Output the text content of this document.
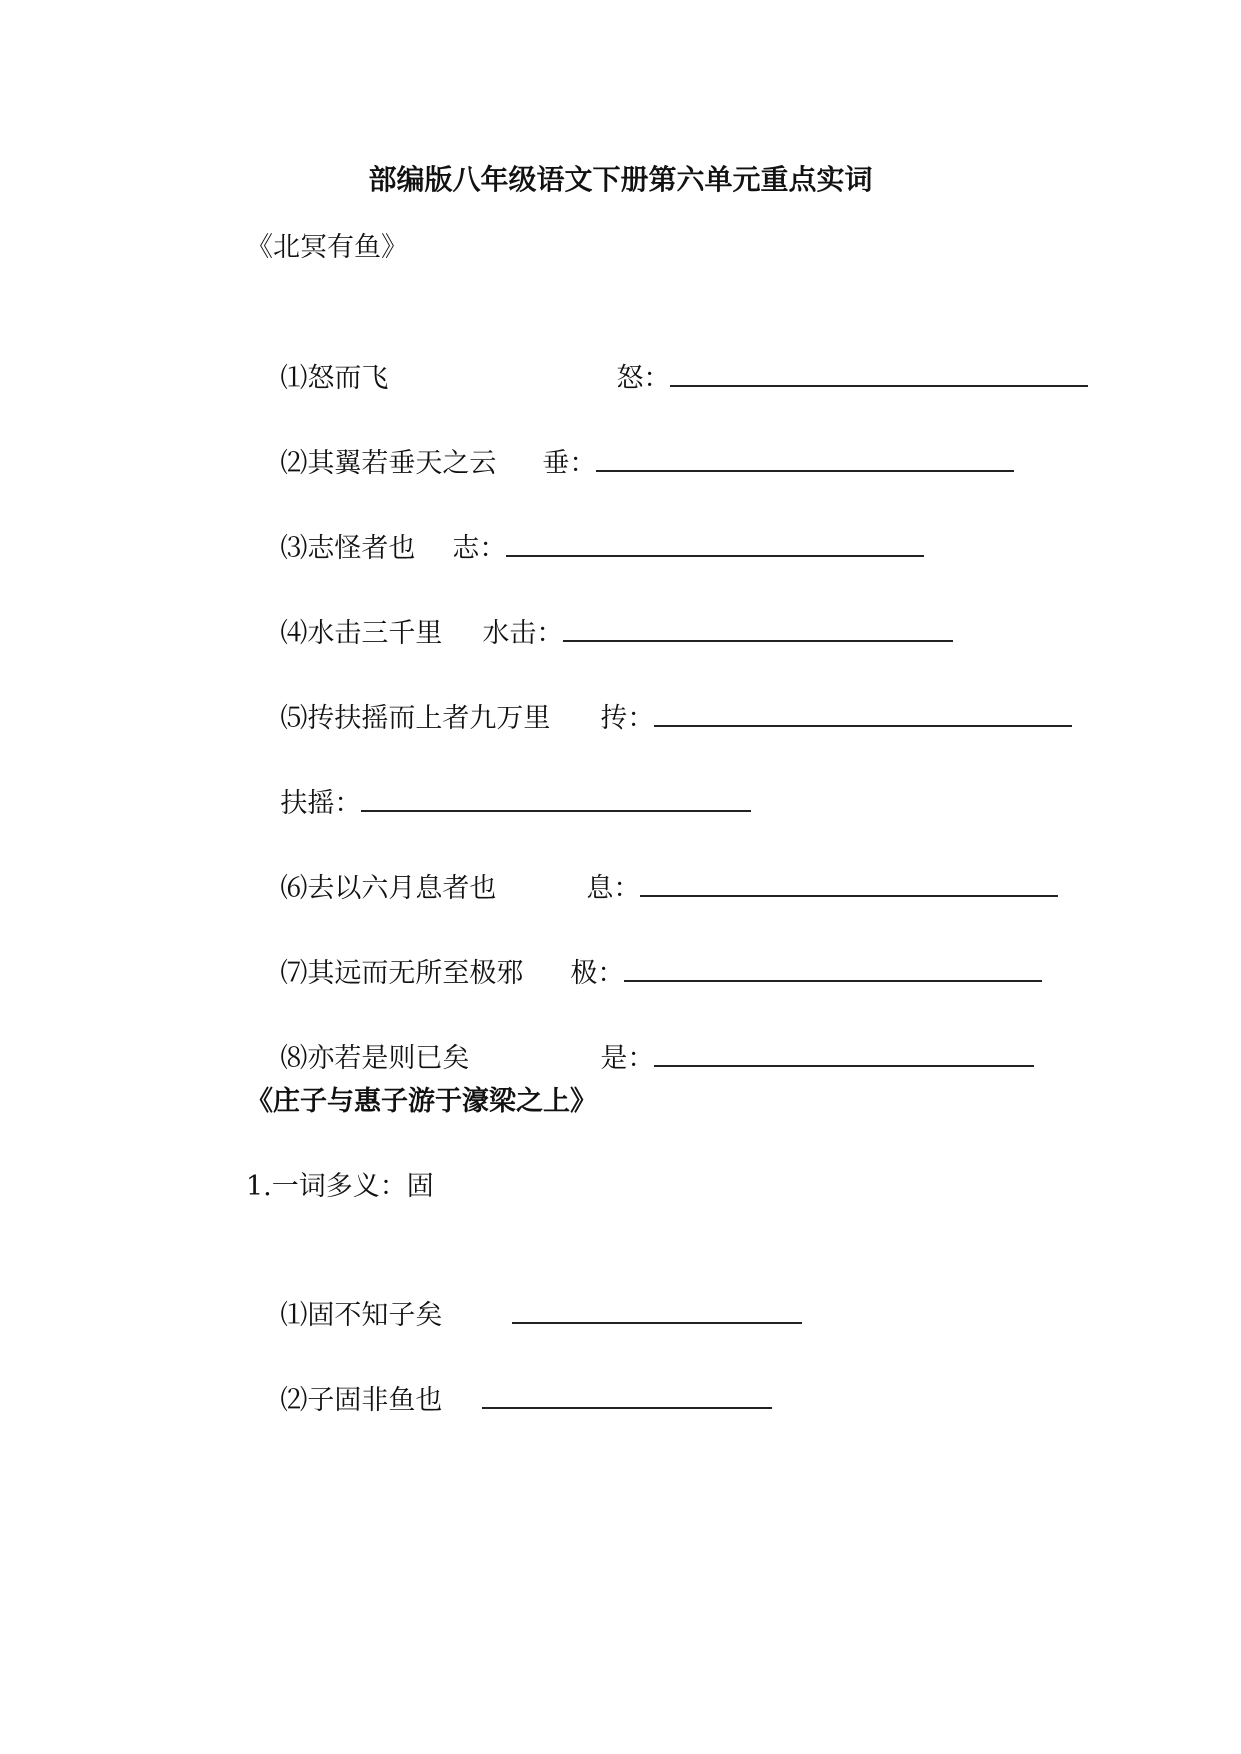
部编版八年级语文下册第六单元重点实词
《北冥有鱼》

⑴怒而飞	怒：

⑵其翼若垂天之云 垂：

⑶志怪者也 志：

⑷水击三千里 水击：

⑸抟扶摇而上者九万里 抟：

扶摇：

⑹去以六月息者也	息：

⑺其远而无所至极邪 极：

⑻亦若是则已矣	是：

《庄子与惠子游于濠梁之上》
1.一词多义：固

⑴固不知子矣

⑵子固非鱼也
